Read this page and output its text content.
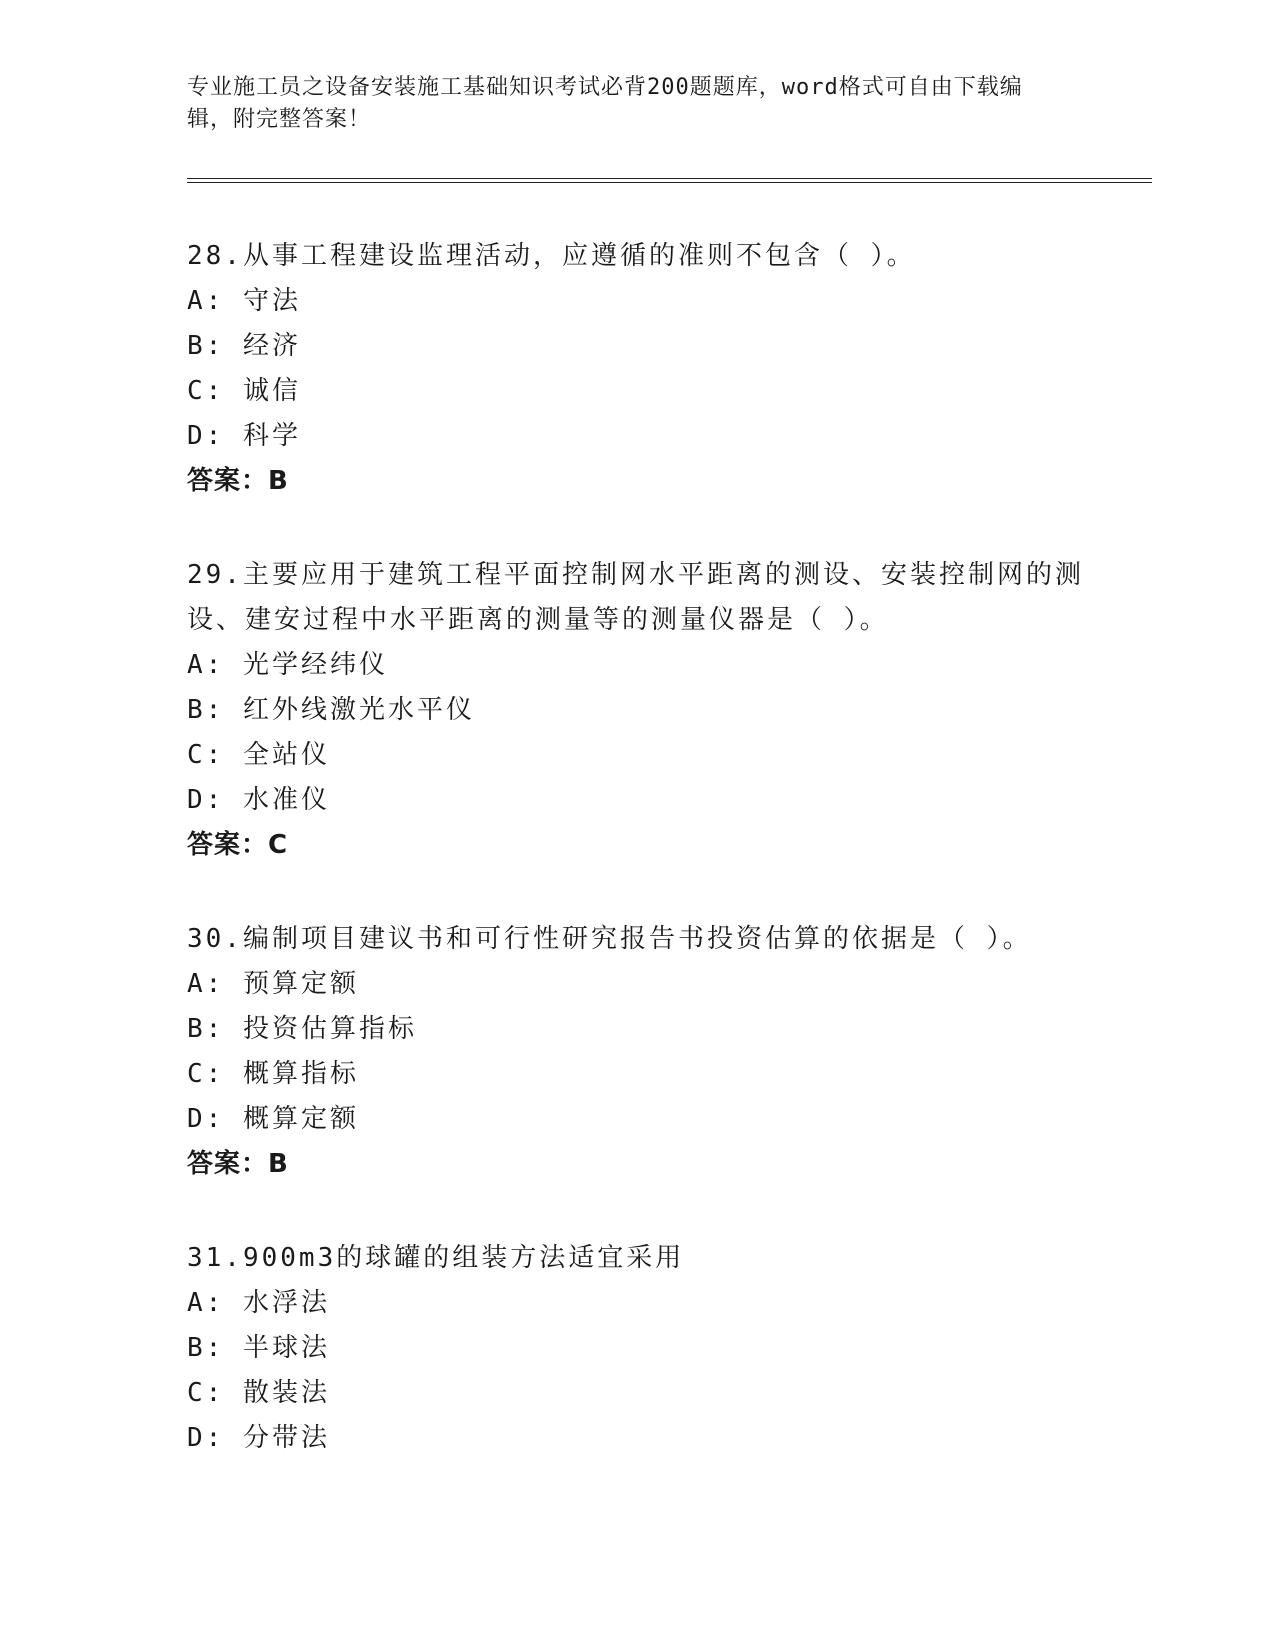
专业施工员之设备安装施工基础知识考试必背200题题库，word格式可自由下载编辑，附完整答案！

28.从事工程建设监理活动，应遵循的准则不包含（ ）。

A: 守法

B: 经济

C: 诚信

D: 科学

答案：B

29.主要应用于建筑工程平面控制网水平距离的测设、安装控制网的测设、建安过程中水平距离的测量等的测量仪器是（ ）。

A: 光学经纬仪

B: 红外线激光水平仪

C: 全站仪

D: 水准仪

答案：C

30.编制项目建议书和可行性研究报告书投资估算的依据是（ ）。

A: 预算定额

B: 投资估算指标

C: 概算指标

D: 概算定额

答案：B

31.900m3的球罐的组装方法适宜采用

A: 水浮法

B: 半球法

C: 散装法

D: 分带法
